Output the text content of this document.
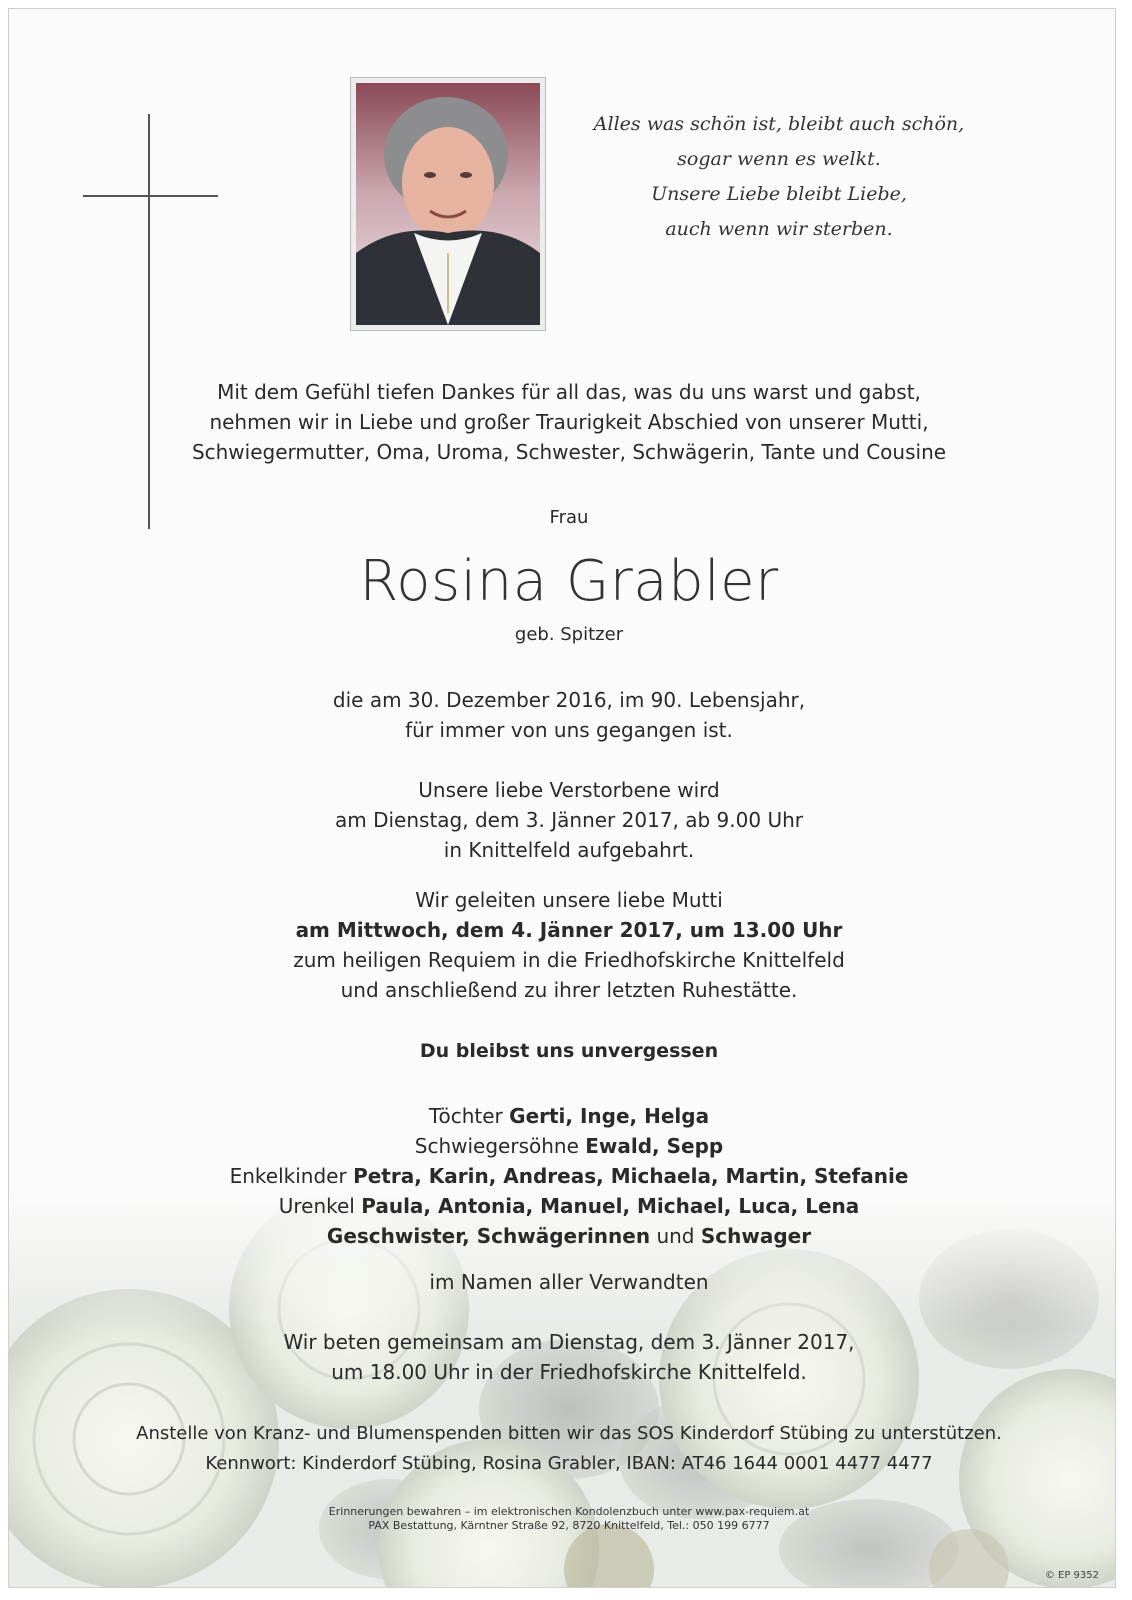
Alles was schön ist, bleibt auch schön,
sogar wenn es welkt.
Unsere Liebe bleibt Liebe,
auch wenn wir sterben.
Mit dem Gefühl tiefen Dankes für all das, was du uns warst und gabst,
nehmen wir in Liebe und großer Traurigkeit Abschied von unserer Mutti,
Schwiegermutter, Oma, Uroma, Schwester, Schwägerin, Tante und Cousine
Frau
Rosina Grabler
geb. Spitzer
die am 30. Dezember 2016, im 90. Lebensjahr,
für immer von uns gegangen ist.
Unsere liebe Verstorbene wird
am Dienstag, dem 3. Jänner 2017, ab 9.00 Uhr
in Knittelfeld aufgebahrt.
Wir geleiten unsere liebe Mutti
am Mittwoch, dem 4. Jänner 2017, um 13.00 Uhr
zum heiligen Requiem in die Friedhofskirche Knittelfeld
und anschließend zu ihrer letzten Ruhestätte.
Du bleibst uns unvergessen
Töchter Gerti, Inge, Helga
Schwiegersöhne Ewald, Sepp
Enkelkinder Petra, Karin, Andreas, Michaela, Martin, Stefanie
Urenkel Paula, Antonia, Manuel, Michael, Luca, Lena
Geschwister, Schwägerinnen und Schwager
im Namen aller Verwandten
Wir beten gemeinsam am Dienstag, dem 3. Jänner 2017,
um 18.00 Uhr in der Friedhofskirche Knittelfeld.
Anstelle von Kranz- und Blumenspenden bitten wir das SOS Kinderdorf Stübing zu unterstützen.
Kennwort: Kinderdorf Stübing, Rosina Grabler, IBAN: AT46 1644 0001 4477 4477
Erinnerungen bewahren – im elektronischen Kondolenzbuch unter www.pax-requiem.at
PAX Bestattung, Kärntner Straße 92, 8720 Knittelfeld, Tel.: 050 199 6777
© EP 9352
